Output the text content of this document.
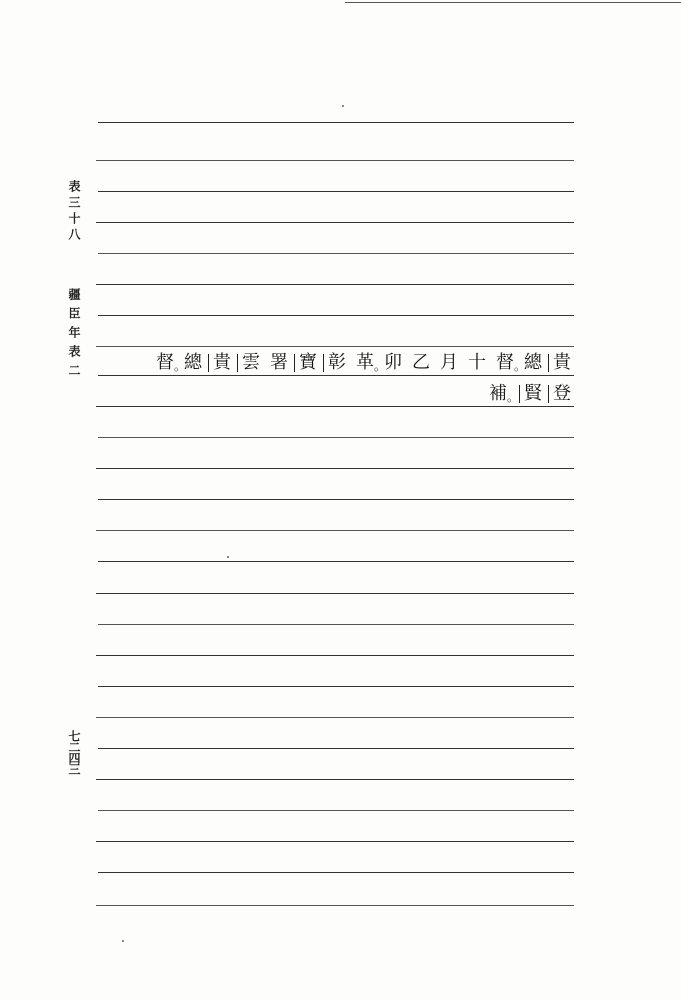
表三十八
疆臣年表二
七二四三
督 。
總 貴 雲 署 寶 彰 革 。
卯 乙 月 十 督 。
總 貴
補 。 賢 登
